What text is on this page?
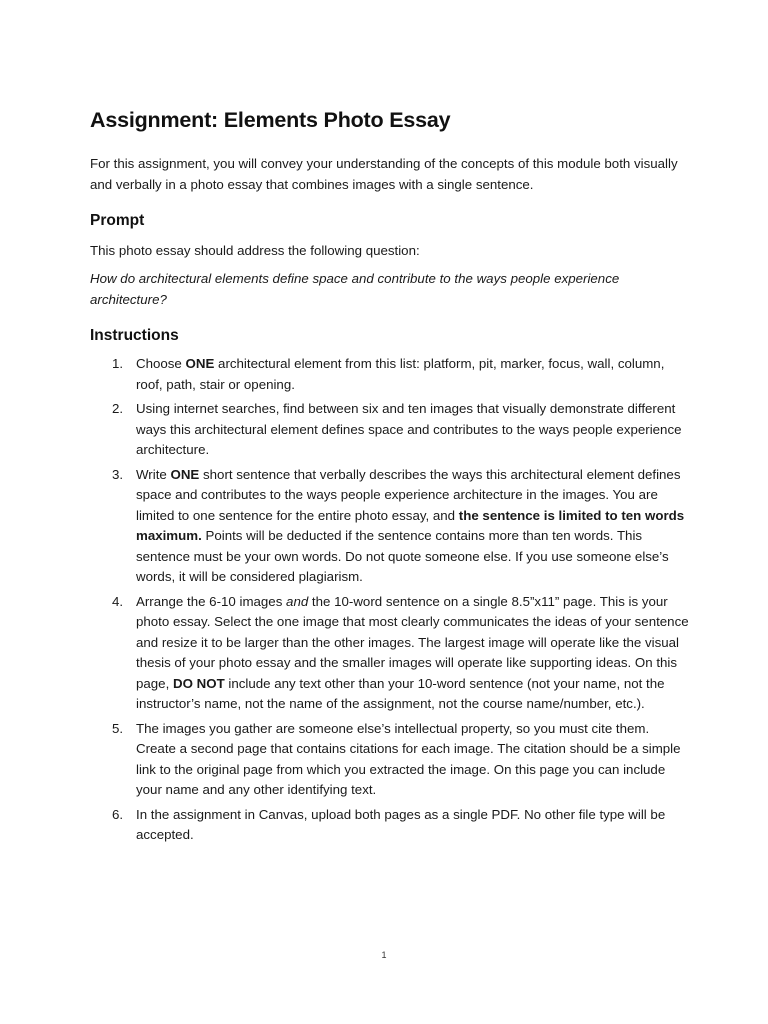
Assignment: Elements Photo Essay

For this assignment, you will convey your understanding of the concepts of this module both visually and verbally in a photo essay that combines images with a single sentence.

Prompt

This photo essay should address the following question:

How do architectural elements define space and contribute to the ways people experience architecture?

Instructions
1. Choose ONE architectural element from this list: platform, pit, marker, focus, wall, column, roof, path, stair or opening.
2. Using internet searches, find between six and ten images that visually demonstrate different ways this architectural element defines space and contributes to the ways people experience architecture.
3. Write ONE short sentence that verbally describes the ways this architectural element defines space and contributes to the ways people experience architecture in the images. You are limited to one sentence for the entire photo essay, and the sentence is limited to ten words maximum. Points will be deducted if the sentence contains more than ten words. This sentence must be your own words. Do not quote someone else. If you use someone else’s words, it will be considered plagiarism.
4. Arrange the 6-10 images and the 10-word sentence on a single 8.5”x11” page. This is your photo essay. Select the one image that most clearly communicates the ideas of your sentence and resize it to be larger than the other images. The largest image will operate like the visual thesis of your photo essay and the smaller images will operate like supporting ideas. On this page, DO NOT include any text other than your 10-word sentence (not your name, not the instructor’s name, not the name of the assignment, not the course name/number, etc.).
5. The images you gather are someone else’s intellectual property, so you must cite them. Create a second page that contains citations for each image. The citation should be a simple link to the original page from which you extracted the image. On this page you can include your name and any other identifying text.
6. In the assignment in Canvas, upload both pages as a single PDF. No other file type will be accepted.
1
